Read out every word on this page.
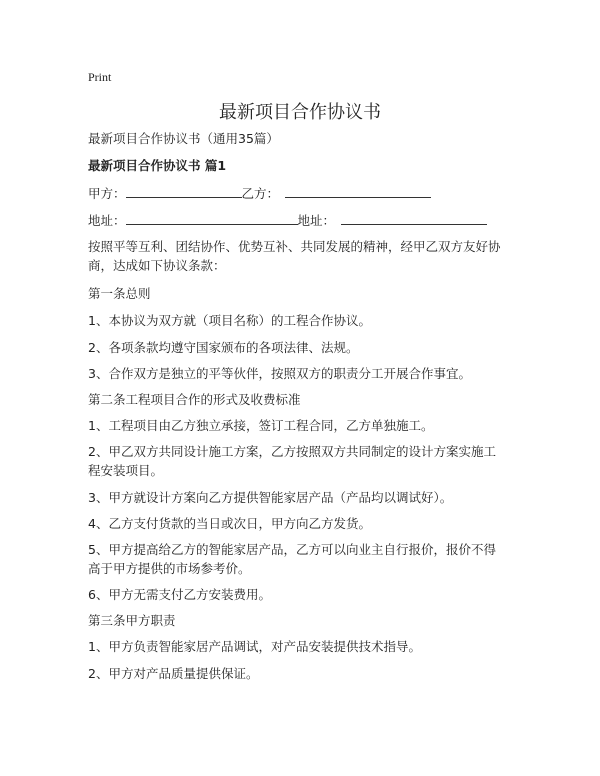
Print
最新项目合作协议书
最新项目合作协议书（通用35篇）
最新项目合作协议书 篇1
甲方：	乙方：
地址：	地址：
按照平等互利、团结协作、优势互补、共同发展的精神，经甲乙双方友好协商，达成如下协议条款：
第一条总则
1、本协议为双方就（项目名称）的工程合作协议。
2、各项条款均遵守国家颁布的各项法律、法规。
3、合作双方是独立的平等伙伴，按照双方的职责分工开展合作事宜。
第二条工程项目合作的形式及收费标准
1、工程项目由乙方独立承接，签订工程合同，乙方单独施工。
2、甲乙双方共同设计施工方案，乙方按照双方共同制定的设计方案实施工程安装项目。
3、甲方就设计方案向乙方提供智能家居产品（产品均以调试好）。
4、乙方支付货款的当日或次日，甲方向乙方发货。
5、甲方提高给乙方的智能家居产品，乙方可以向业主自行报价，报价不得高于甲方提供的市场参考价。
6、甲方无需支付乙方安装费用。
第三条甲方职责
1、甲方负责智能家居产品调试，对产品安装提供技术指导。
2、甲方对产品质量提供保证。
